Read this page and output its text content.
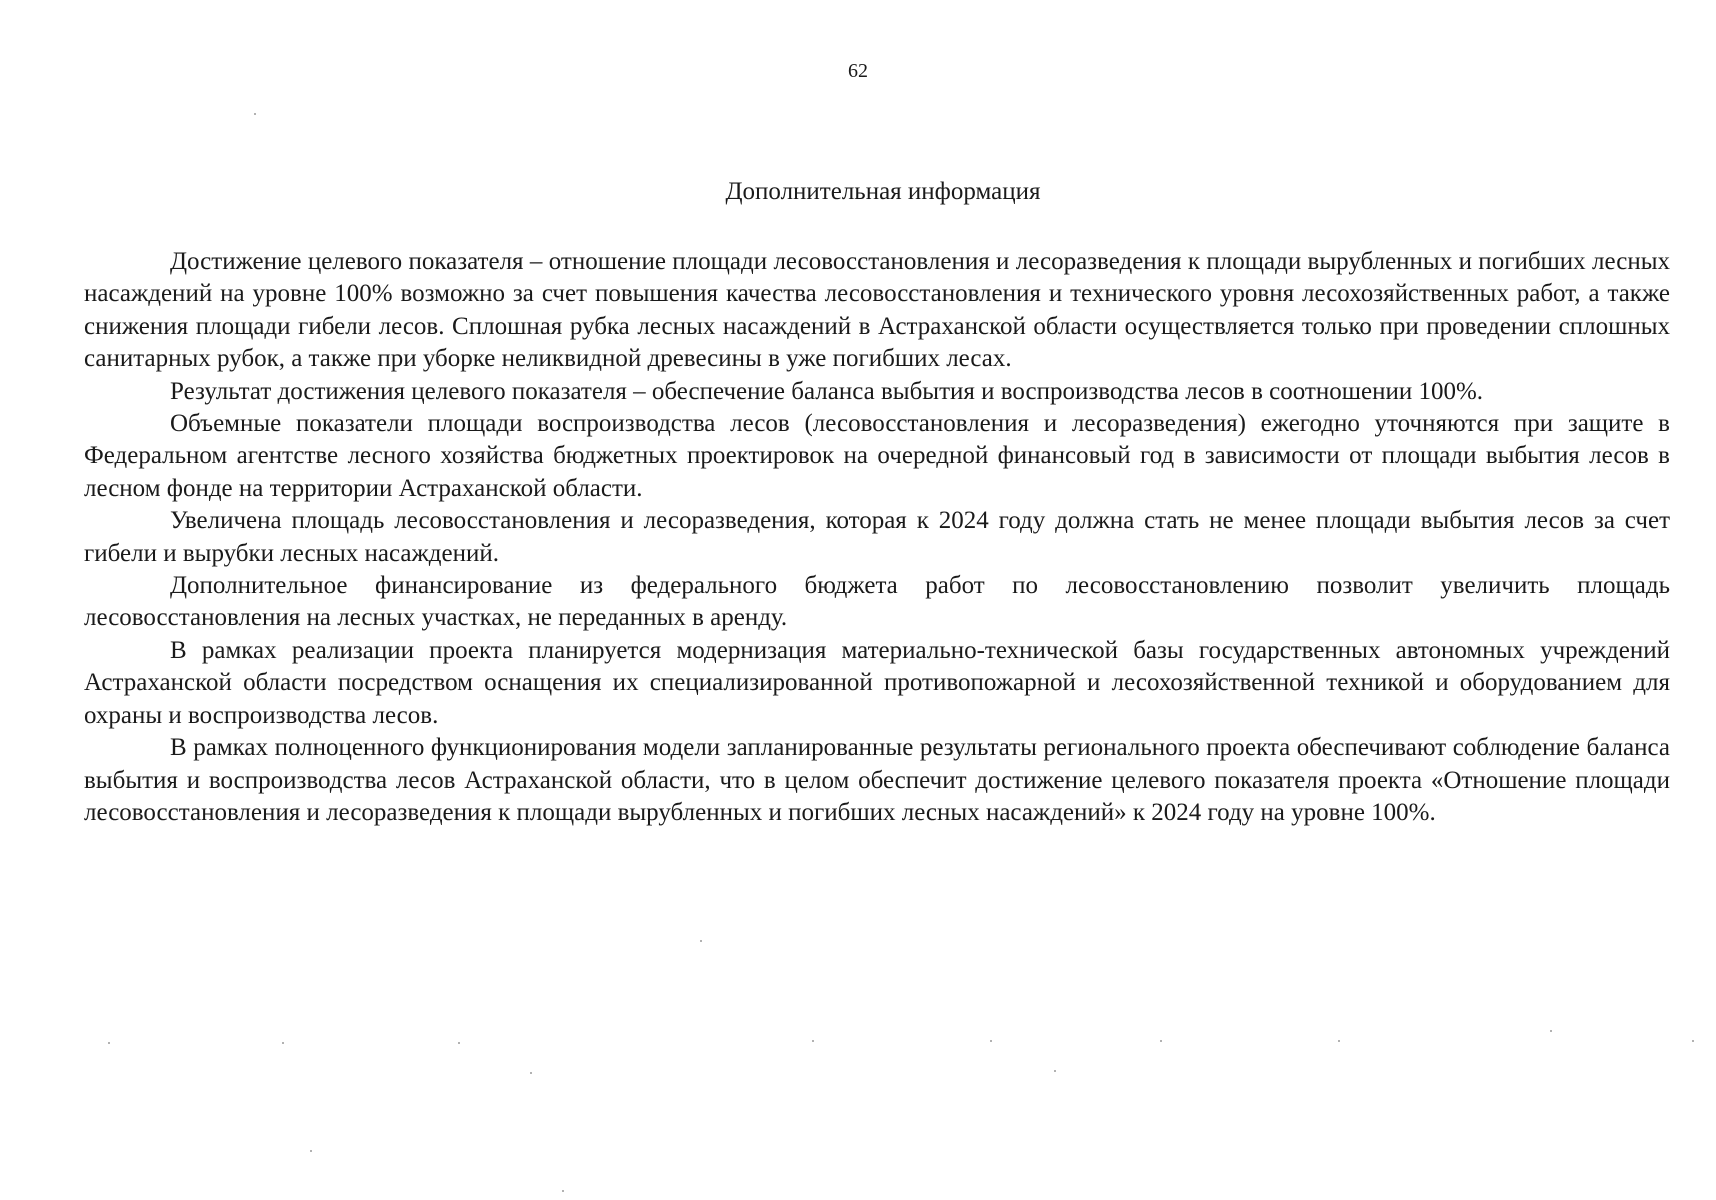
62
Дополнительная информация

Достижение целевого показателя – отношение площади лесовосстановления и лесоразведения к площади вырубленных и погибших лесных насаждений на уровне 100% возможно за счет повышения качества лесовосстановления и технического уровня лесохозяйственных работ, а также снижения площади гибели лесов. Сплошная рубка лесных насаждений в Астраханской области осуществляется только при проведении сплошных санитарных рубок, а также при уборке неликвидной древесины в уже погибших лесах.

Результат достижения целевого показателя – обеспечение баланса выбытия и воспроизводства лесов в соотношении 100%.

Объемные показатели площади воспроизводства лесов (лесовосстановления и лесоразведения) ежегодно уточняются при защите в Федеральном агентстве лесного хозяйства бюджетных проектировок на очередной финансовый год в зависимости от площади выбытия лесов в лесном фонде на территории Астраханской области.

Увеличена площадь лесовосстановления и лесоразведения, которая к 2024 году должна стать не менее площади выбытия лесов за счет гибели и вырубки лесных насаждений.

Дополнительное финансирование из федерального бюджета работ по лесовосстановлению позволит увеличить площадь лесовосстановления на лесных участках, не переданных в аренду.

В рамках реализации проекта планируется модернизация материально-технической базы государственных автономных учреждений Астраханской области посредством оснащения их специализированной противопожарной и лесохозяйственной техникой и оборудованием для охраны и воспроизводства лесов.

В рамках полноценного функционирования модели запланированные результаты регионального проекта обеспечивают соблюдение баланса выбытия и воспроизводства лесов Астраханской области, что в целом обеспечит достижение целевого показателя проекта «Отношение площади лесовосстановления и лесоразведения к площади вырубленных и погибших лесных насаждений» к 2024 году на уровне 100%.
